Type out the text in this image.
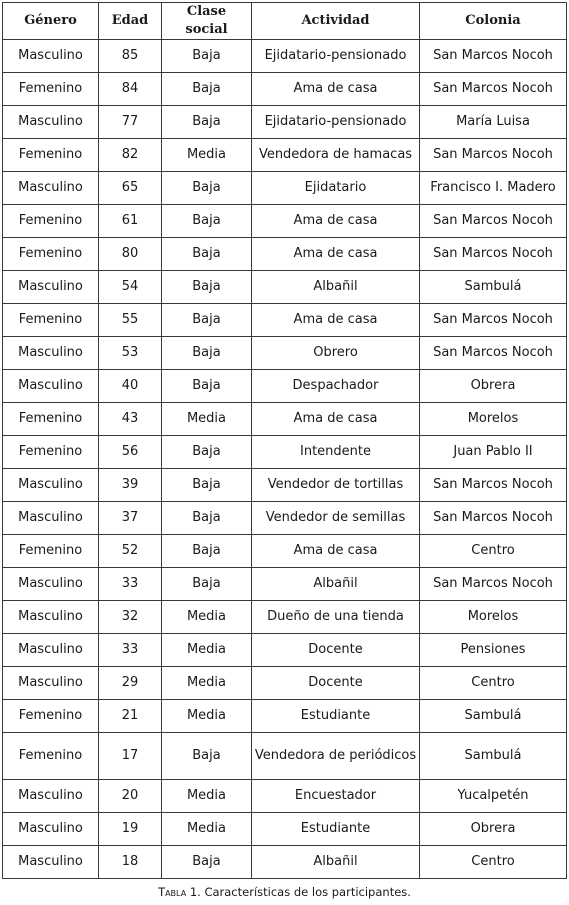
Género	Edad	Clase social	Actividad	Colonia
Masculino	85	Baja	Ejidatario-pensionado	San Marcos Nocoh
Femenino	84	Baja	Ama de casa	San Marcos Nocoh
Masculino	77	Baja	Ejidatario-pensionado	María Luisa
Femenino	82	Media	Vendedora de hamacas	San Marcos Nocoh
Masculino	65	Baja	Ejidatario	Francisco I. Madero
Femenino	61	Baja	Ama de casa	San Marcos Nocoh
Femenino	80	Baja	Ama de casa	San Marcos Nocoh
Masculino	54	Baja	Albañil	Sambulá
Femenino	55	Baja	Ama de casa	San Marcos Nocoh
Masculino	53	Baja	Obrero	San Marcos Nocoh
Masculino	40	Baja	Despachador	Obrera
Femenino	43	Media	Ama de casa	Morelos
Femenino	56	Baja	Intendente	Juan Pablo II
Masculino	39	Baja	Vendedor de tortillas	San Marcos Nocoh
Masculino	37	Baja	Vendedor de semillas	San Marcos Nocoh
Femenino	52	Baja	Ama de casa	Centro
Masculino	33	Baja	Albañil	San Marcos Nocoh
Masculino	32	Media	Dueño de una tienda	Morelos
Masculino	33	Media	Docente	Pensiones
Masculino	29	Media	Docente	Centro
Femenino	21	Media	Estudiante	Sambulá
Femenino	17	Baja	Vendedora de periódicos	Sambulá
Masculino	20	Media	Encuestador	Yucalpetén
Masculino	19	Media	Estudiante	Obrera
Masculino	18	Baja	Albañil	Centro
Tabla 1. Características de los participantes.
